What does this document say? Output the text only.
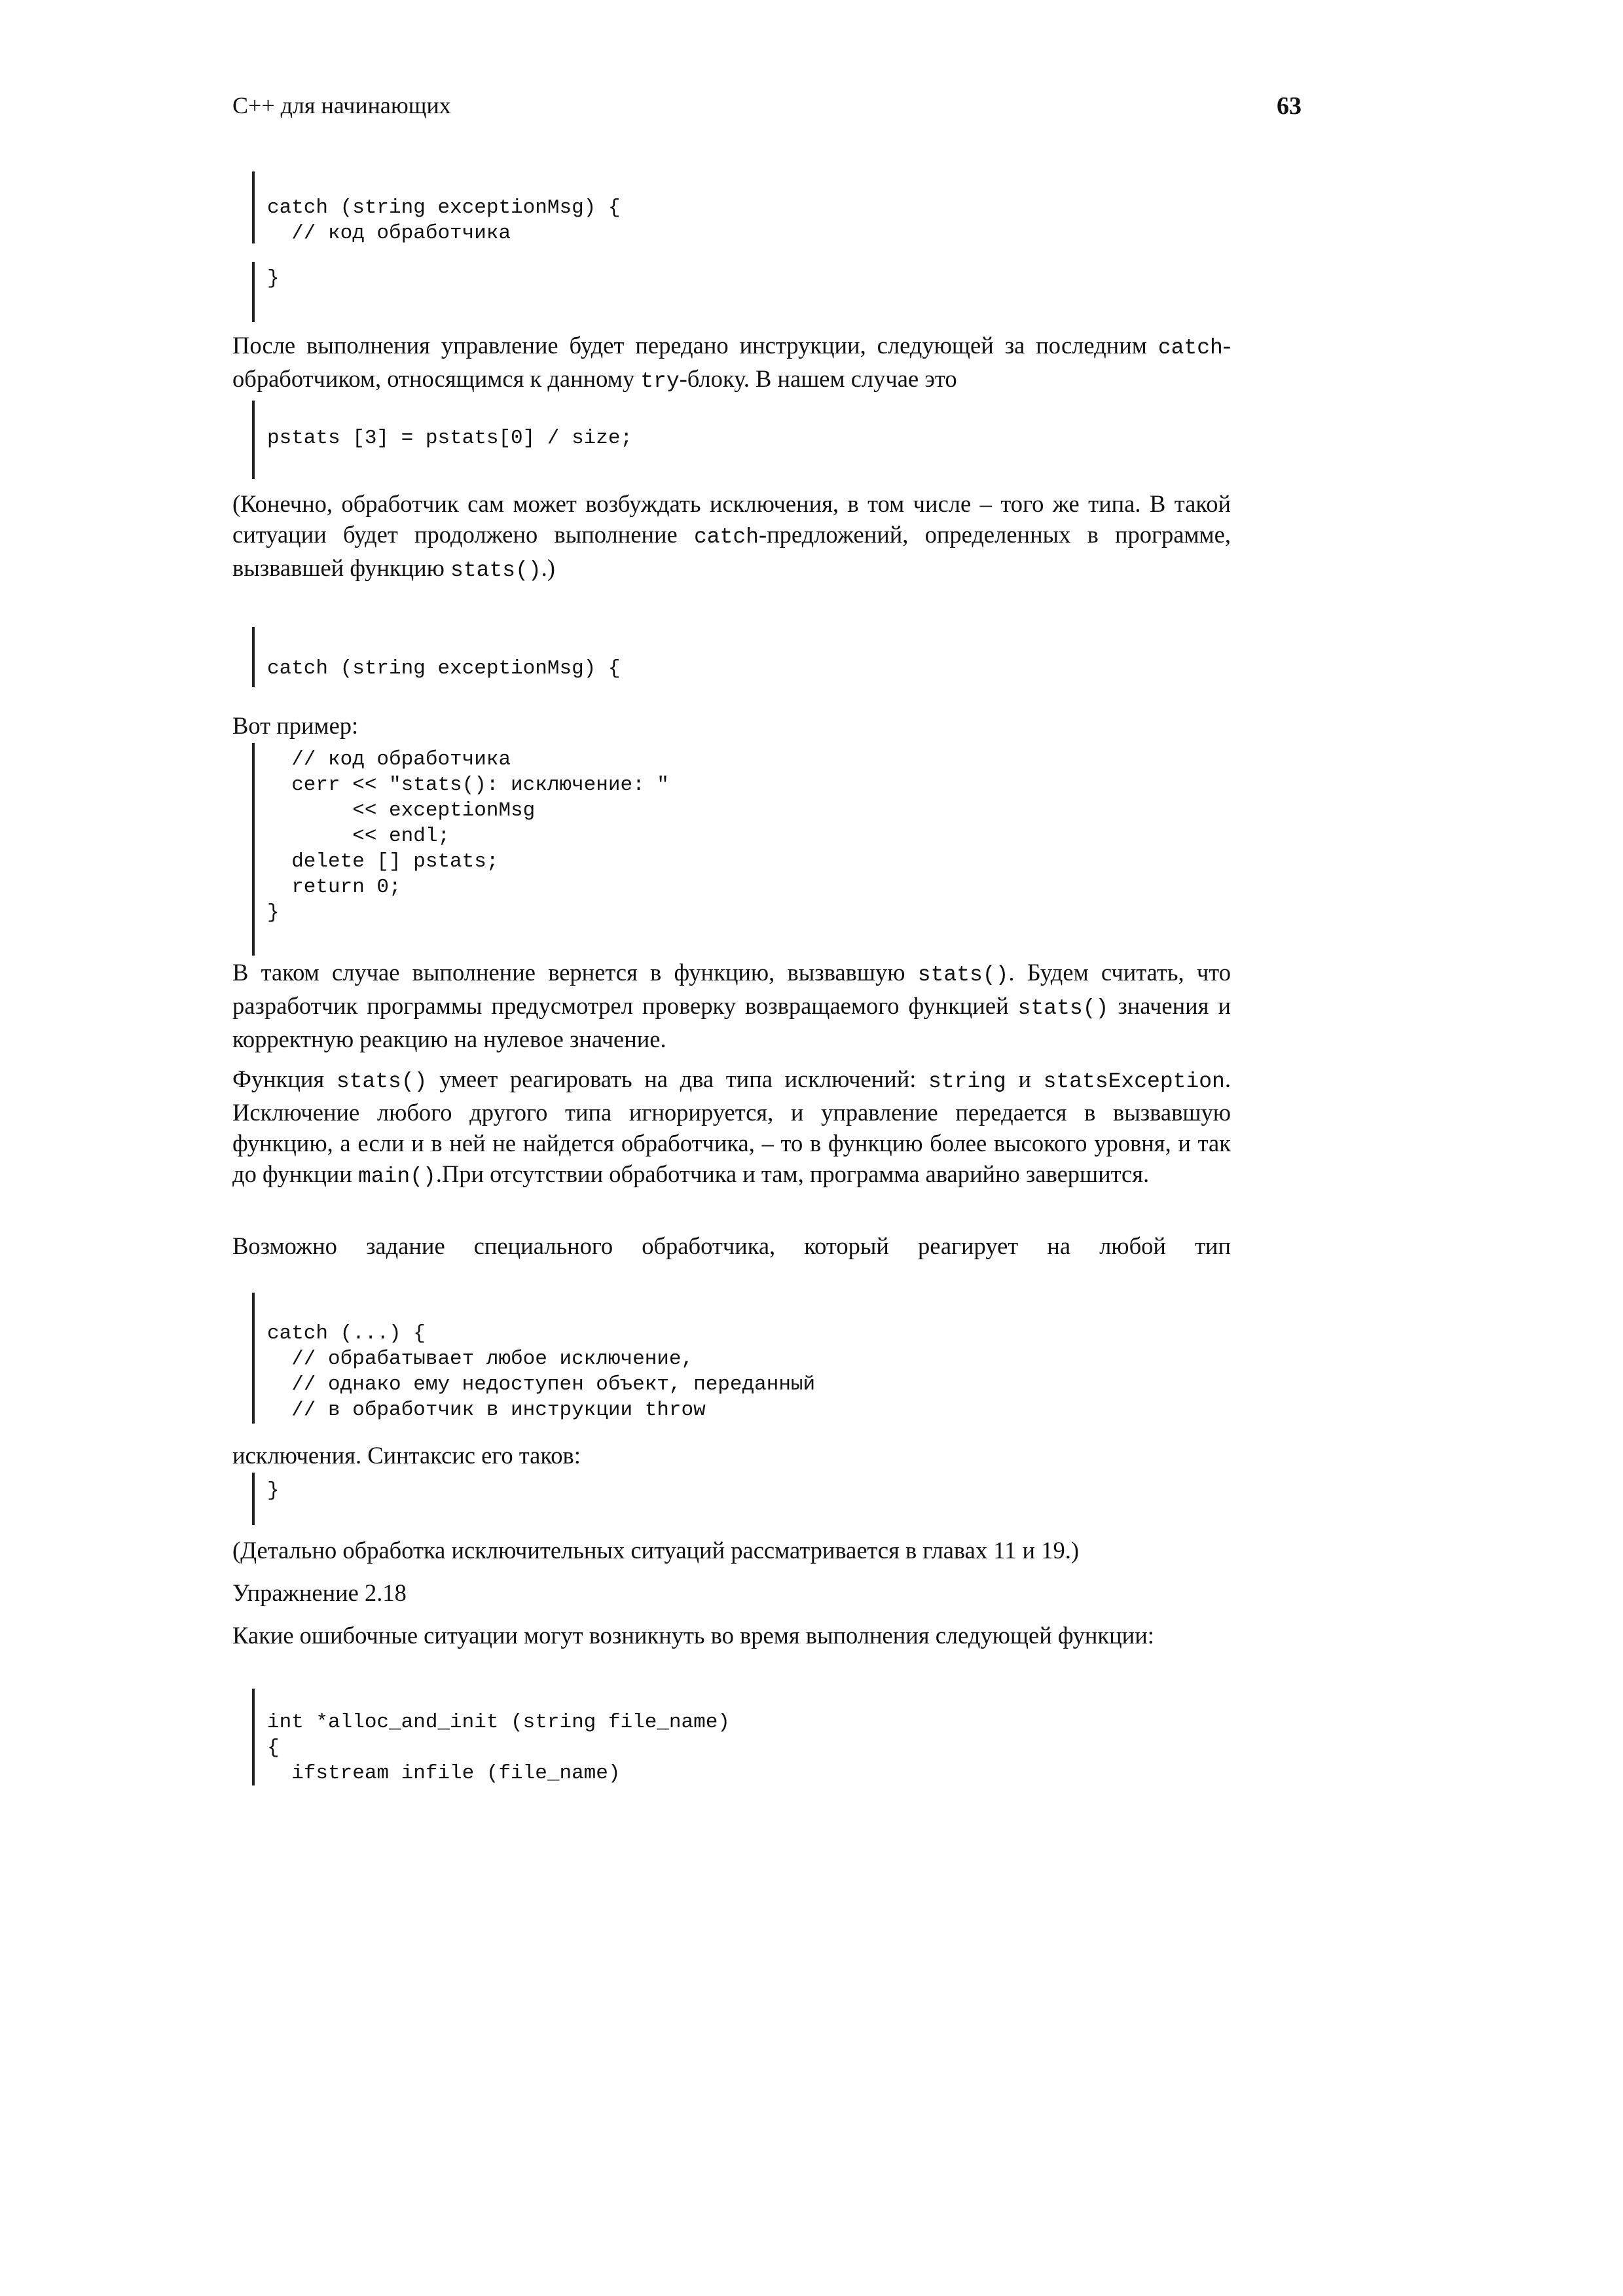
C++ для начинающих	63
catch (string exceptionMsg) {
// код обработчика
}
После выполнения управление будет передано инструкции, следующей за последним catch-обработчиком, относящимся к данному try-блоку. В нашем случае это
pstats [3] = pstats[0] / size;
(Конечно, обработчик сам может возбуждать исключения, в том числе – того же типа. В такой ситуации будет продолжено выполнение catch-предложений, определенных в программе, вызвавшей функцию stats().)
catch (string exceptionMsg) {
Вот пример:
// код обработчика
cerr << "stats(): исключение: "
<< exceptionMsg
<< endl;
delete [] pstats;
return 0;
}
В таком случае выполнение вернется в функцию, вызвавшую stats(). Будем считать, что разработчик программы предусмотрел проверку возвращаемого функцией stats() значения и корректную реакцию на нулевое значение.
Функция stats() умеет реагировать на два типа исключений: string и statsException. Исключение любого другого типа игнорируется, и управление передается в вызвавшую функцию, а если и в ней не найдется обработчика, – то в функцию более высокого уровня, и так до функции main().При отсутствии обработчика и там, программа аварийно завершится.
Возможно задание специального обработчика, который реагирует на любой тип
catch (...) {
// обрабатывает любое исключение,
// однако ему недоступен объект, переданный
// в обработчик в инструкции throw
исключения. Синтаксис его таков:
}
(Детально обработка исключительных ситуаций рассматривается в главах 11 и 19.)
Упражнение 2.18
Какие ошибочные ситуации могут возникнуть во время выполнения следующей функции:
int *alloc_and_init (string file_name)
{
ifstream infile (file_name)
